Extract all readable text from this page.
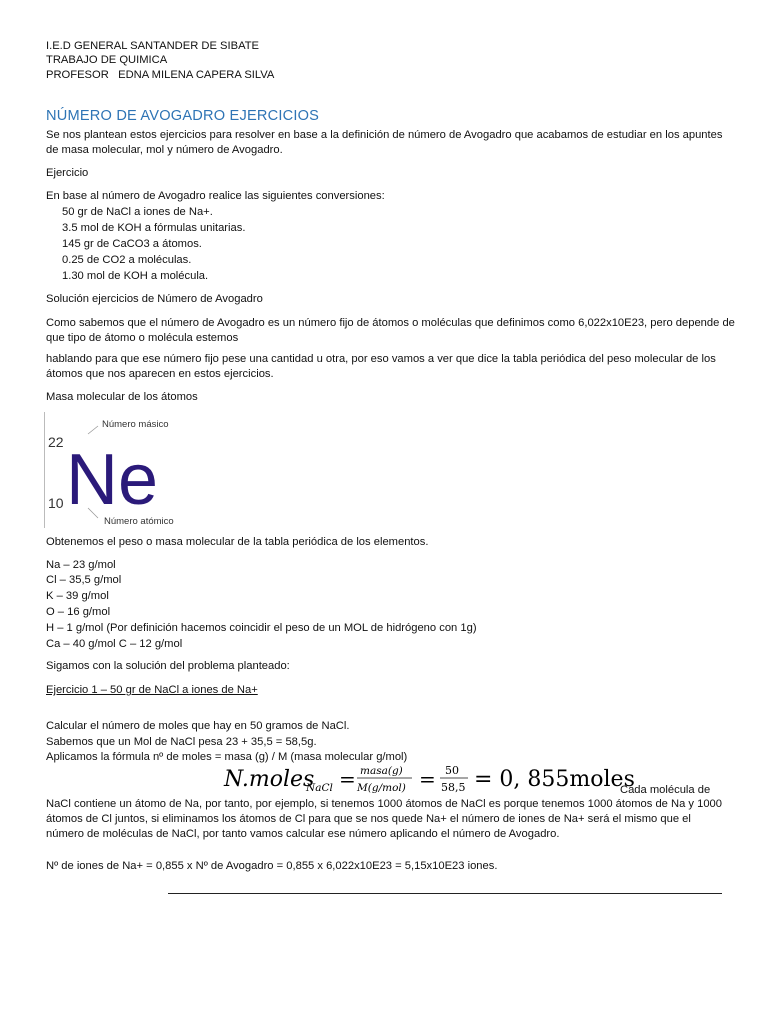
I.E.D GENERAL SANTANDER DE SIBATE
TRABAJO DE QUIMICA
PROFESOR   EDNA MILENA CAPERA SILVA
NÚMERO DE AVOGADRO EJERCICIOS
Se nos plantean estos ejercicios para resolver en base a la definición de número de Avogadro que acabamos de estudiar en los apuntes de masa molecular, mol y número de Avogadro.
Ejercicio
En base al número de Avogadro realice las siguientes conversiones:
50 gr de NaCl a iones de Na+.
3.5 mol de KOH a fórmulas unitarias.
145 gr de CaCO3 a átomos.
0.25 de CO2 a moléculas.
1.30 mol de KOH a molécula.
Solución ejercicios de Número de Avogadro
Como sabemos que el número de Avogadro es un número fijo de átomos o moléculas que definimos como 6,022x10E23, pero depende de que tipo de átomo o molécula estemos
hablando para que ese número fijo pese una cantidad u otra, por eso vamos a ver que dice la tabla periódica del peso molecular de los átomos que nos aparecen en estos ejercicios.
Masa molecular de los átomos
Número másico
22 Ne
10
Número atómico
Obtenemos el peso o masa molecular de la tabla periódica de los elementos.
Na – 23 g/mol
Cl – 35,5 g/mol
K – 39 g/mol
O – 16 g/mol
H – 1 g/mol (Por definición hacemos coincidir el peso de un MOL de hidrógeno con 1g)
Ca – 40 g/mol C – 12 g/mol
Sigamos con la solución del problema planteado:
Ejercicio 1 – 50 gr de NaCl a iones de Na+
Calcular el número de moles que hay en 50 gramos de NaCl.
Sabemos que un Mol de NaCl pesa 23 + 35,5 = 58,5g.
Aplicamos la fórmula nº de moles = masa (g) / M (masa molecular g/mol)
N.moles
NaCl = masa(g)
M(g/mol) = 50
58,5 = 0, 855moles
Cada molécula de
NaCl contiene un átomo de Na, por tanto, por ejemplo, si tenemos 1000 átomos de NaCl es porque tenemos 1000 átomos de Na y 1000 átomos de Cl juntos, si eliminamos los átomos de Cl para que se nos quede Na+ el número de iones de Na+ será el mismo que el número de moléculas de NaCl, por tanto vamos calcular ese número aplicando el número de Avogadro.
Nº de iones de Na+ = 0,855 x Nº de Avogadro = 0,855 x 6,022x10E23 = 5,15x10E23 iones.
